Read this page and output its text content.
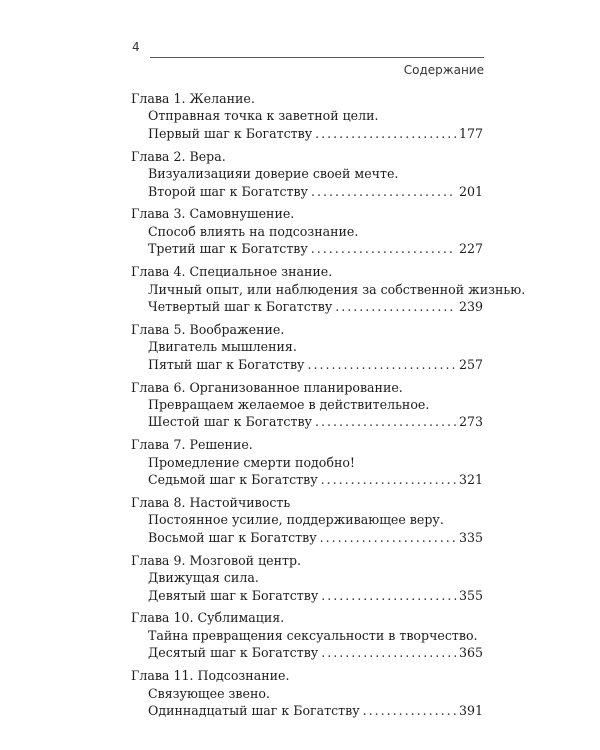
4
Содержание
Глава 1. Желание.
Отправная точка к заветной цели.
Первый шаг к Богатству .....	177
Глава 2. Вера.
Визуализацияи доверие своей мечте.
Второй шаг к Богатству .....	201
Глава 3. Самовнушение.
Способ влиять на подсознание.
Третий шаг к Богатству .....	227
Глава 4. Специальное знание.
Личный опыт, или наблюдения за собственной жизнью.
Четвертый шаг к Богатству .....	239
Глава 5. Воображение.
Двигатель мышления.
Пятый шаг к Богатству .....	257
Глава 6. Организованное планирование.
Превращаем желаемое в действительное.
Шестой шаг к Богатству .....	273
Глава 7. Решение.
Промедление смерти подобно!
Седьмой шаг к Богатству .....	321
Глава 8. Настойчивость
Постоянное усилие, поддерживающее веру.
Восьмой шаг к Богатству .....	335
Глава 9. Мозговой центр.
Движущая сила.
Девятый шаг к Богатству .....	355
Глава 10. Сублимация.
Тайна превращения сексуальности в творчество.
Десятый шаг к Богатству .....	365
Глава 11. Подсознание.
Связующее звено.
Одиннадцатый шаг к Богатству .....	391
